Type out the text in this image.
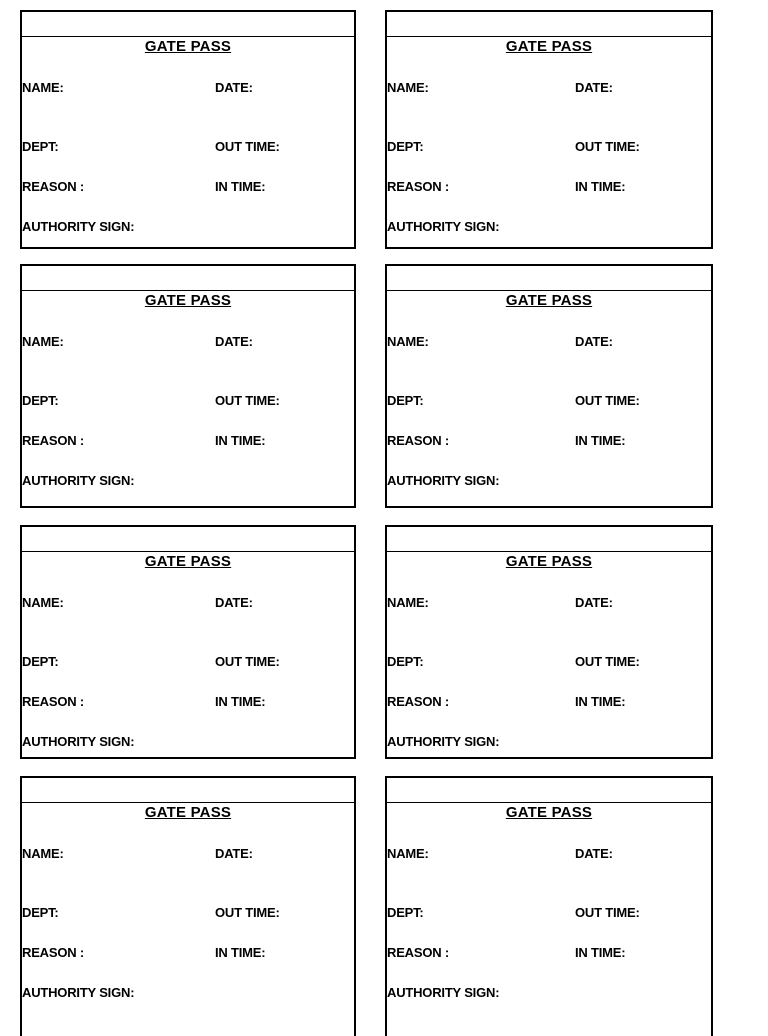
GATE PASS
NAME:	DATE:
DEPT:	OUT TIME:
REASON :	IN TIME:
AUTHORITY SIGN:
GATE PASS
NAME:	DATE:
DEPT:	OUT TIME:
REASON :	IN TIME:
AUTHORITY SIGN:
GATE PASS
NAME:	DATE:
DEPT:	OUT TIME:
REASON :	IN TIME:
AUTHORITY SIGN:
GATE PASS
NAME:	DATE:
DEPT:	OUT TIME:
REASON :	IN TIME:
AUTHORITY SIGN:
GATE PASS
NAME:	DATE:
DEPT:	OUT TIME:
REASON :	IN TIME:
AUTHORITY SIGN:
GATE PASS
NAME:	DATE:
DEPT:	OUT TIME:
REASON :	IN TIME:
AUTHORITY SIGN:
GATE PASS
NAME:	DATE:
DEPT:	OUT TIME:
REASON :	IN TIME:
AUTHORITY SIGN:
GATE PASS
NAME:	DATE:
DEPT:	OUT TIME:
REASON :	IN TIME:
AUTHORITY SIGN:
